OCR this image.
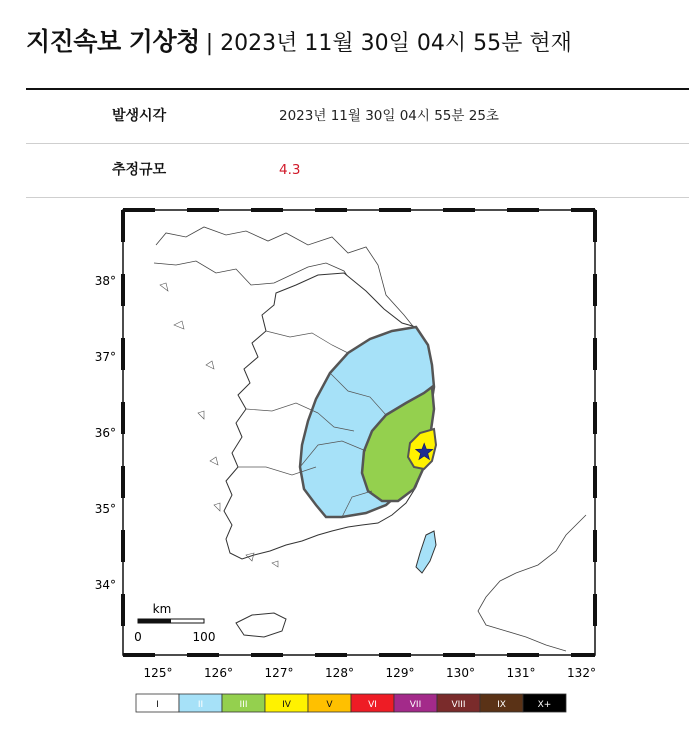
지진속보 기상청 | 2023년 11월 30일 04시 55분 현재
발생시각	2023년 11월 30일 04시 55분 25초
추정규모	4.3
125°	126°	127°	128°	129°	130°	131°	132°
38°
37°
36°
35°
34°
km
0	100
I	II	III	IV	V	VI	VII	VIII	IX	X+
